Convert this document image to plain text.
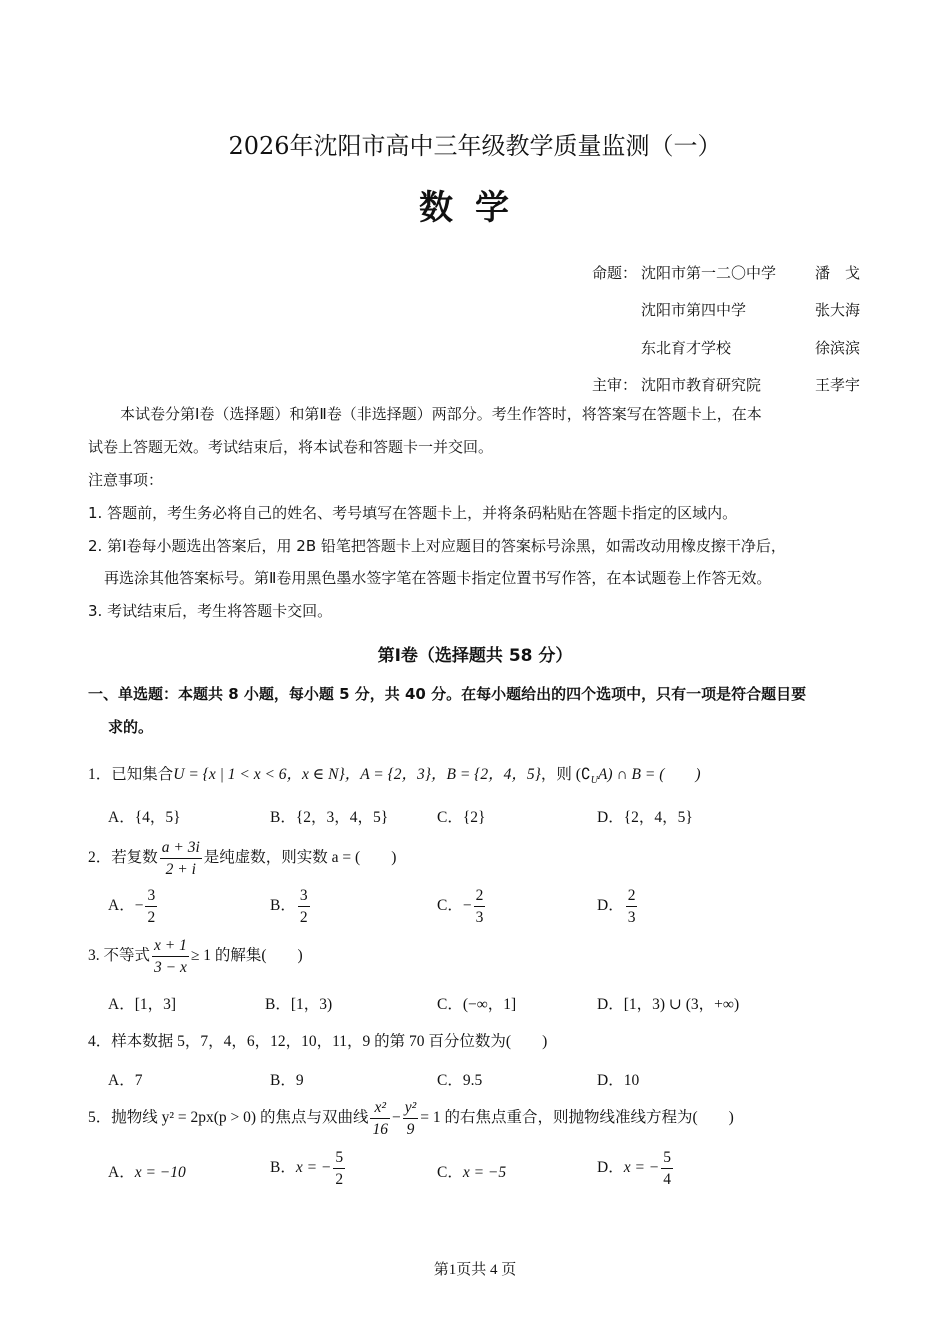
2026年沈阳市高中三年级教学质量监测（一）
数学
命题： 沈阳市第一二〇中学	潘　戈
沈阳市第四中学	张大海
东北育才学校	徐滨滨
主审： 沈阳市教育研究院	王孝宇
本试卷分第Ⅰ卷（选择题）和第Ⅱ卷（非选择题）两部分。考生作答时，将答案写在答题卡上，在本
试卷上答题无效。考试结束后，将本试卷和答题卡一并交回。
注意事项：
1. 答题前，考生务必将自己的姓名、考号填写在答题卡上，并将条码粘贴在答题卡指定的区域内。
2. 第Ⅰ卷每小题选出答案后，用 2B 铅笔把答题卡上对应题目的答案标号涂黑，如需改动用橡皮擦干净后，
再选涂其他答案标号。第Ⅱ卷用黑色墨水签字笔在答题卡指定位置书写作答，在本试题卷上作答无效。
3. 考试结束后，考生将答题卡交回。
第Ⅰ卷（选择题共 58 分）
一、单选题：本题共 8 小题，每小题 5 分，共 40 分。在每小题给出的四个选项中，只有一项是符合题目要
求的。
1．已知集合U = {x | 1 < x < 6，x ∈ N}，A = {2，3}，B = {2，4，5}，则 $(∁_UA)$ ∩ B = (　　)
A．{4，5}	B．{2，3，4，5}	C．{2}	D．{2，4，5}
2．若复数 $\frac{a + 3i}{2 + i}$ 是纯虚数，则实数 a = (　　)
A．− $\frac{3}{2}$	B． $\frac{3}{2}$	C．− $\frac{2}{3}$	D． $\frac{2}{3}$
3. 不等式 $\frac{x + 1}{3 - x} \ge 1$ 的解集(　　)
A．[1，3]	B．[1，3)	C．(−∞，1]	D．[1，3) ∪ (3，+∞)
4．样本数据 5，7，4，6，12，10，11，9 的第 70 百分位数为(　　)
A．7	B．9	C．9.5	D．10
5．抛物线 y² = 2px(p > 0) 的焦点与双曲线 $\frac{\text{x²}}{16} - \frac{\text{y²}}{9} = 1$ 的右焦点重合，则抛物线准线方程为(　　)
A．x = −10	B．x = − $\frac{5}{2}$	C．x = −5	D．x = − $\frac{5}{4}$
第1页共 4 页
